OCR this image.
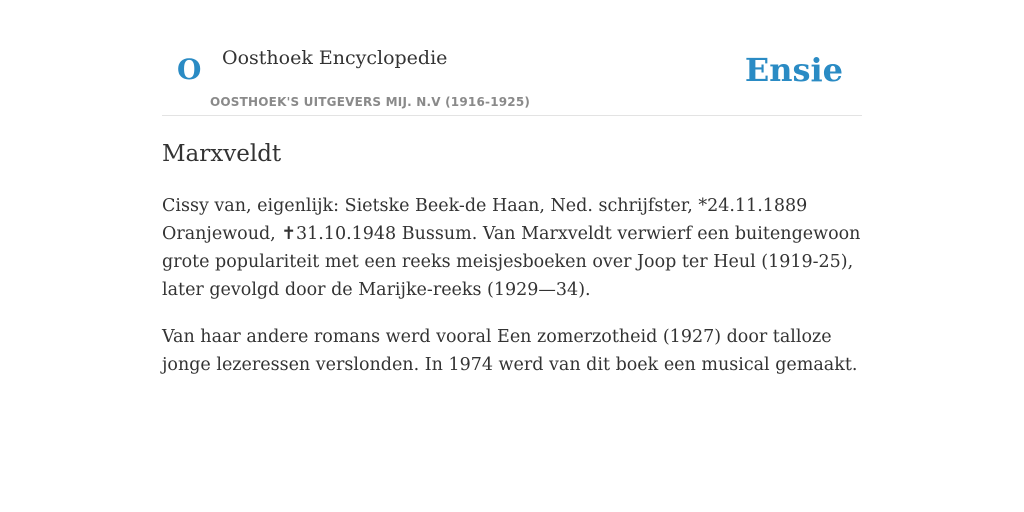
O Oosthoek Encyclopedie
OOSTHOEK'S UITGEVERS MIJ. N.V (1916-1925)
Ensie
Marxveldt

Cissy van, eigenlijk: Sietske Beek-de Haan, Ned. schrijfster, *24.11.1889 Oranjewoud, ✝31.10.1948 Bussum. Van Marxveldt verwierf een buitengewoon grote populariteit met een reeks meisjesboeken over Joop ter Heul (1919-25), later gevolgd door de Marijke-reeks (1929—34).

Van haar andere romans werd vooral Een zomerzotheid (1927) door talloze jonge lezeressen verslonden. In 1974 werd van dit boek een musical gemaakt.
